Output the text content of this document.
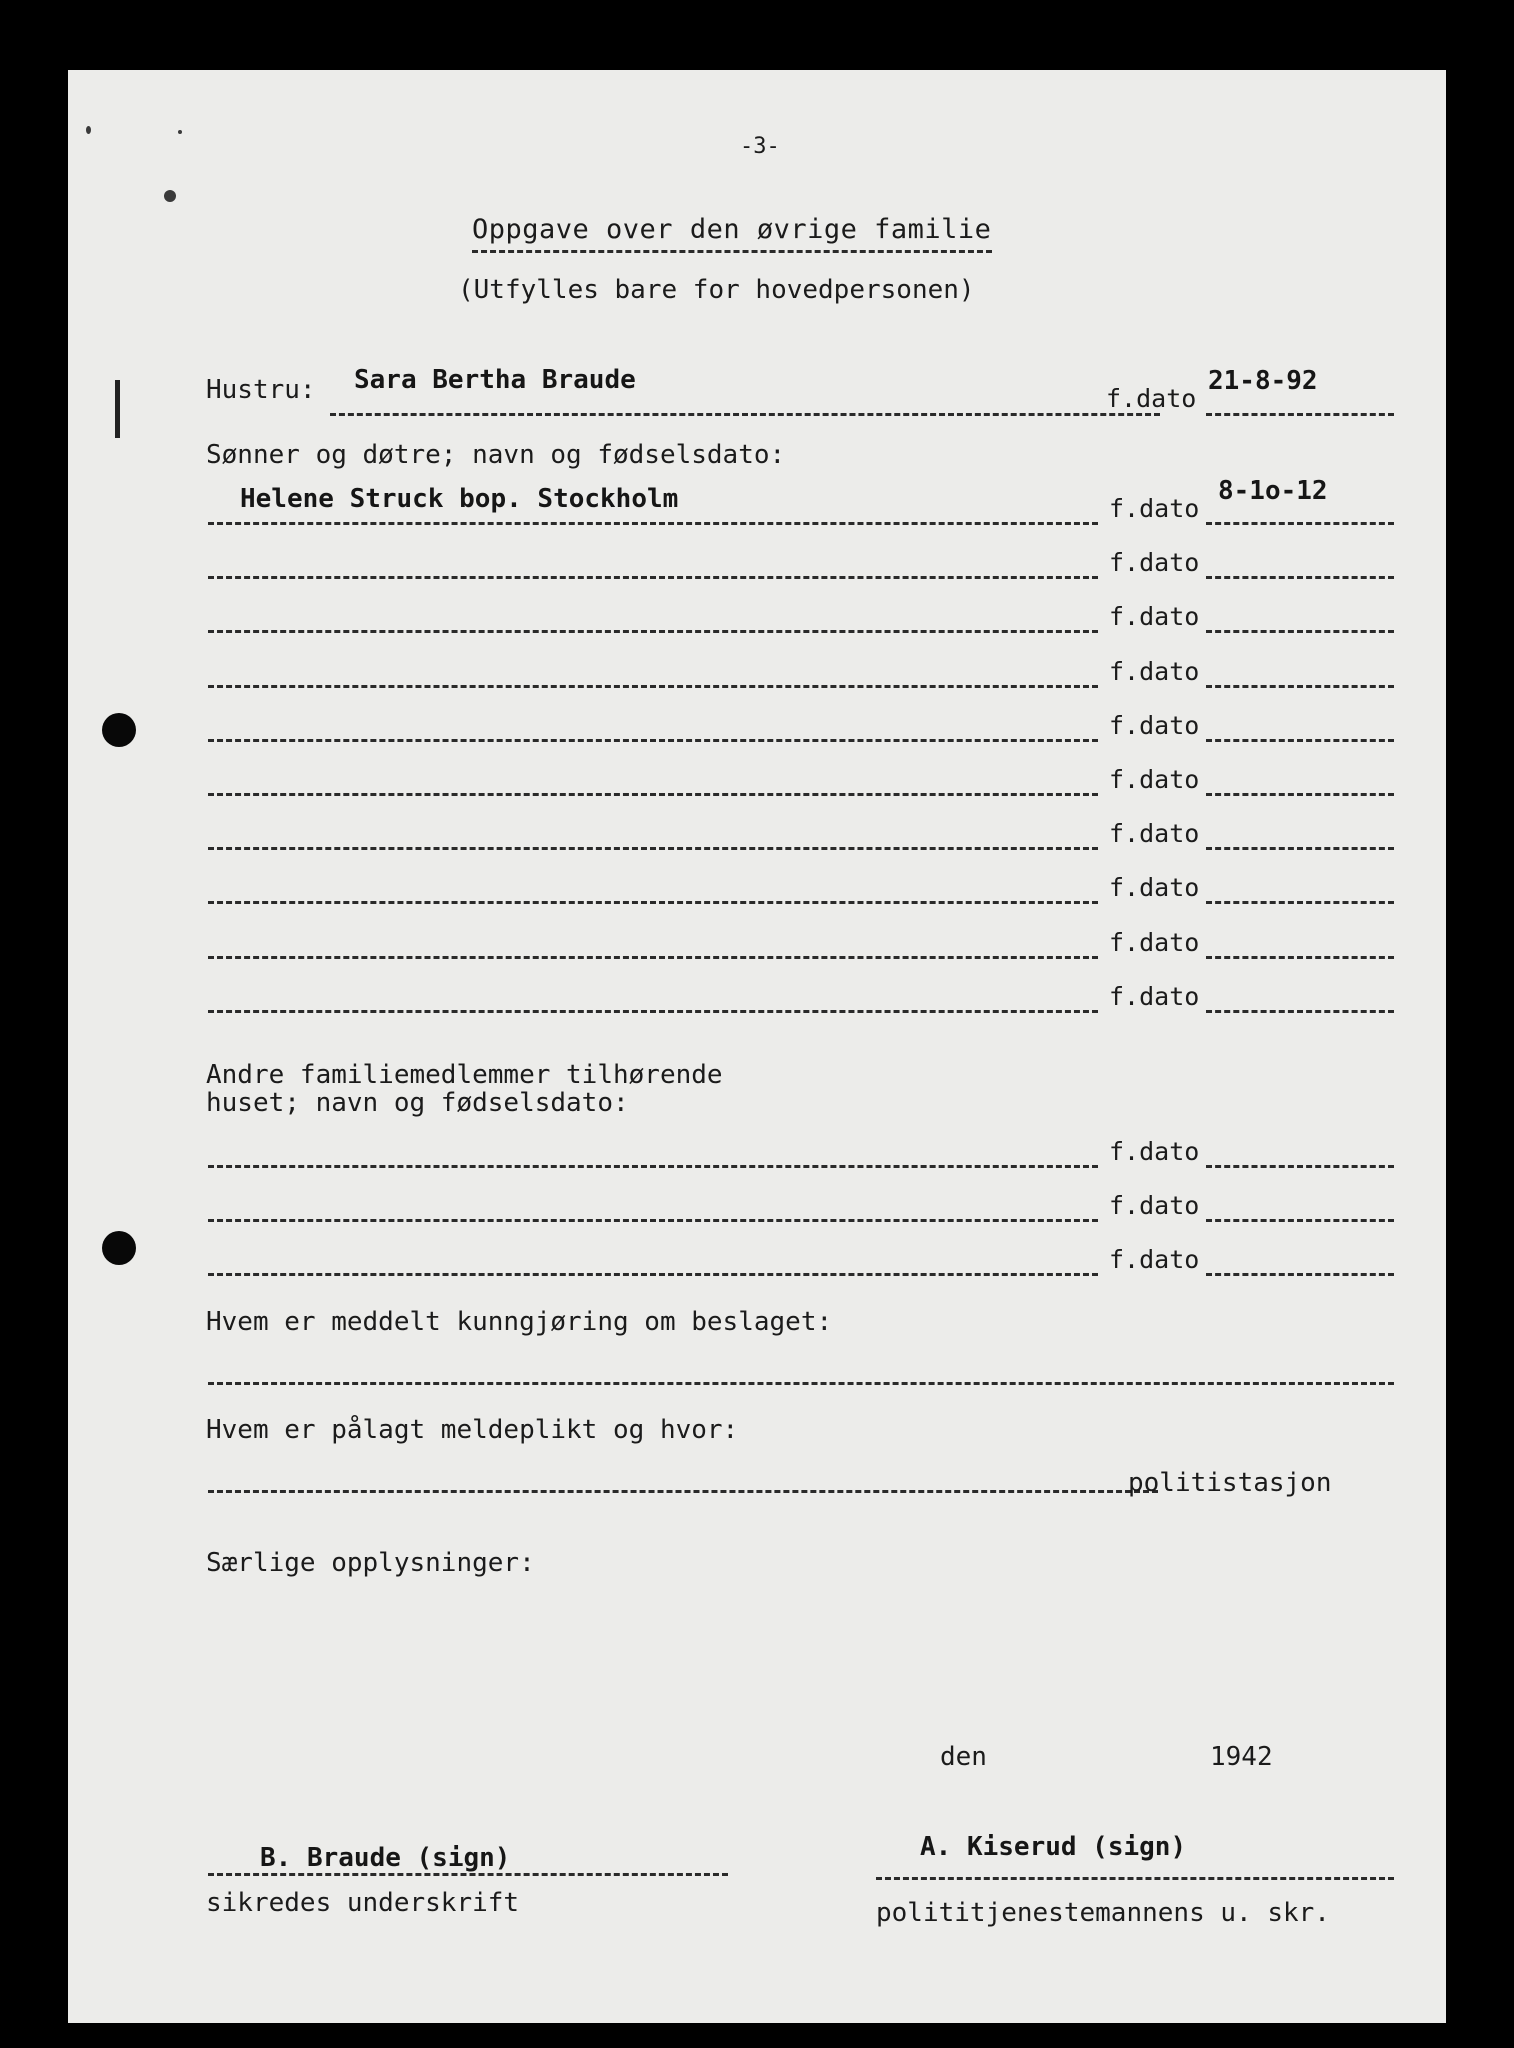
-3-
Oppgave over den øvrige familie
(Utfylles bare for hovedpersonen)
Hustru: Sara Bertha Braude
f.dato
21-8-92
Sønner og døtre; navn og fødselsdato:
Helene Struck bop. Stockholm	f.dato
8-1o-12
f.dato
f.dato
f.dato
f.dato
f.dato
f.dato
f.dato
f.dato
f.dato
Andre familiemedlemmer tilhørende
huset; navn og fødselsdato:
f.dato
f.dato
f.dato
Hvem er meddelt kunngjøring om beslaget:
Hvem er pålagt meldeplikt og hvor:
politistasjon
Særlige opplysninger:
den	1942
B. Braude (sign)
sikredes underskrift
A. Kiserud (sign)
polititjenestemannens u. skr.
